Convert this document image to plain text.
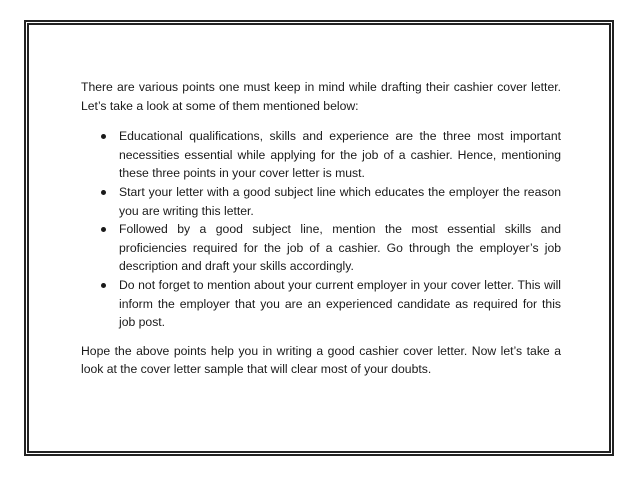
There are various points one must keep in mind while drafting their cashier cover letter. Let’s take a look at some of them mentioned below:

Educational qualifications, skills and experience are the three most important necessities essential while applying for the job of a cashier. Hence, mentioning these three points in your cover letter is must.
Start your letter with a good subject line which educates the employer the reason you are writing this letter.
Followed by a good subject line, mention the most essential skills and proficiencies required for the job of a cashier. Go through the employer’s job description and draft your skills accordingly.
Do not forget to mention about your current employer in your cover letter. This will inform the employer that you are an experienced candidate as required for this job post.

Hope the above points help you in writing a good cashier cover letter. Now let’s take a look at the cover letter sample that will clear most of your doubts.
